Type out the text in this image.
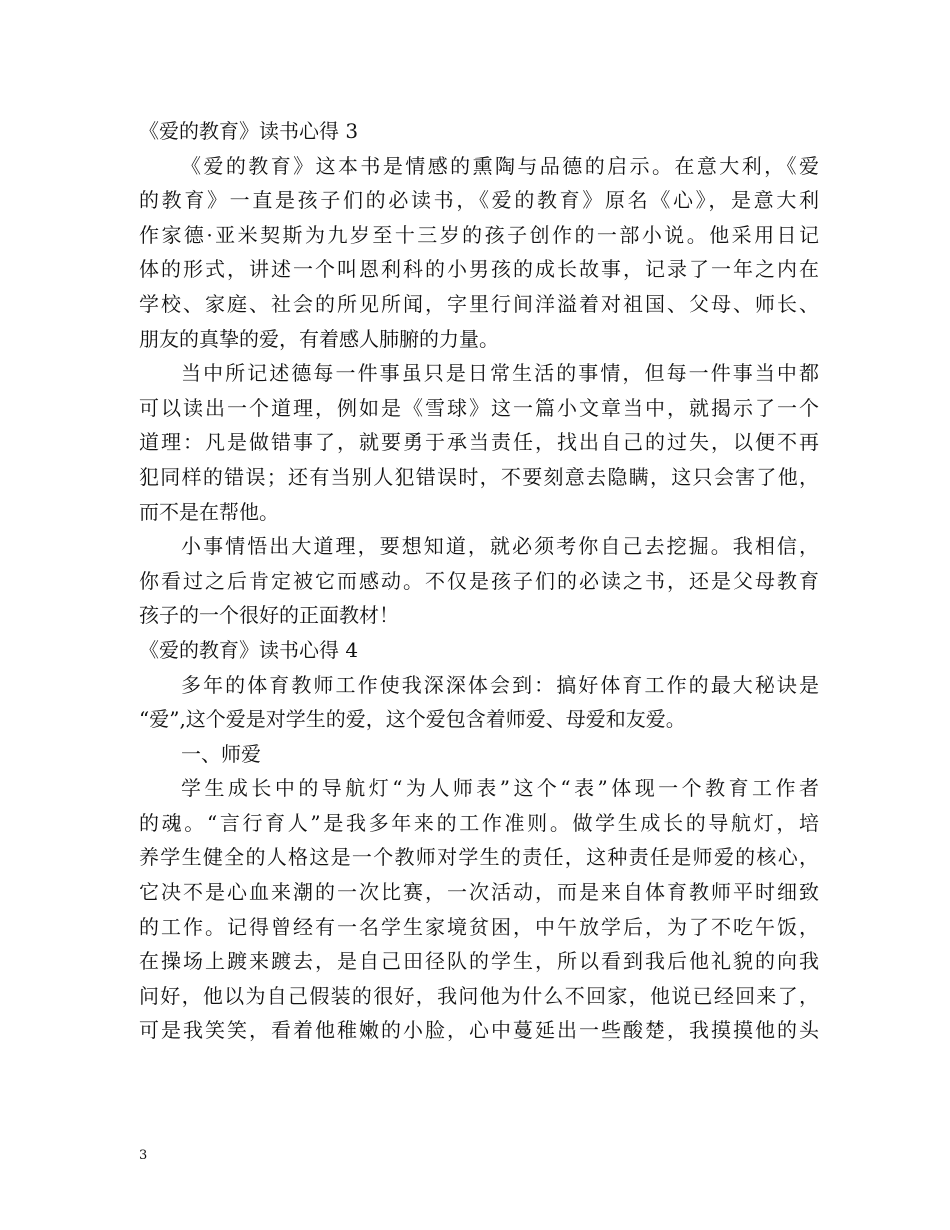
《爱的教育》读书心得 3
《爱的教育》这本书是情感的熏陶与品德的启示。在意大利，《爱
的教育》一直是孩子们的必读书，《爱的教育》原名《心》，是意大利
作家德·亚米契斯为九岁至十三岁的孩子创作的一部小说。他采用日记
体的形式，讲述一个叫恩利科的小男孩的成长故事，记录了一年之内在
学校、家庭、社会的所见所闻，字里行间洋溢着对祖国、父母、师长、
朋友的真挚的爱，有着感人肺腑的力量。
当中所记述德每一件事虽只是日常生活的事情，但每一件事当中都
可以读出一个道理，例如是《雪球》这一篇小文章当中，就揭示了一个
道理：凡是做错事了，就要勇于承当责任，找出自己的过失，以便不再
犯同样的错误；还有当别人犯错误时，不要刻意去隐瞒，这只会害了他，
而不是在帮他。
小事情悟出大道理，要想知道，就必须考你自己去挖掘。我相信，
你看过之后肯定被它而感动。不仅是孩子们的必读之书，还是父母教育
孩子的一个很好的正面教材！
《爱的教育》读书心得 4
多年的体育教师工作使我深深体会到：搞好体育工作的最大秘诀是
“爱”,这个爱是对学生的爱，这个爱包含着师爱、母爱和友爱。
一、师爱
学生成长中的导航灯“为人师表”这个“表”体现一个教育工作者
的魂。“言行育人”是我多年来的工作准则。做学生成长的导航灯，培
养学生健全的人格这是一个教师对学生的责任，这种责任是师爱的核心，
它决不是心血来潮的一次比赛，一次活动，而是来自体育教师平时细致
的工作。记得曾经有一名学生家境贫困，中午放学后，为了不吃午饭，
在操场上踱来踱去，是自己田径队的学生，所以看到我后他礼貌的向我
问好，他以为自己假装的很好，我问他为什么不回家，他说已经回来了，
可是我笑笑，看着他稚嫩的小脸，心中蔓延出一些酸楚，我摸摸他的头
3
